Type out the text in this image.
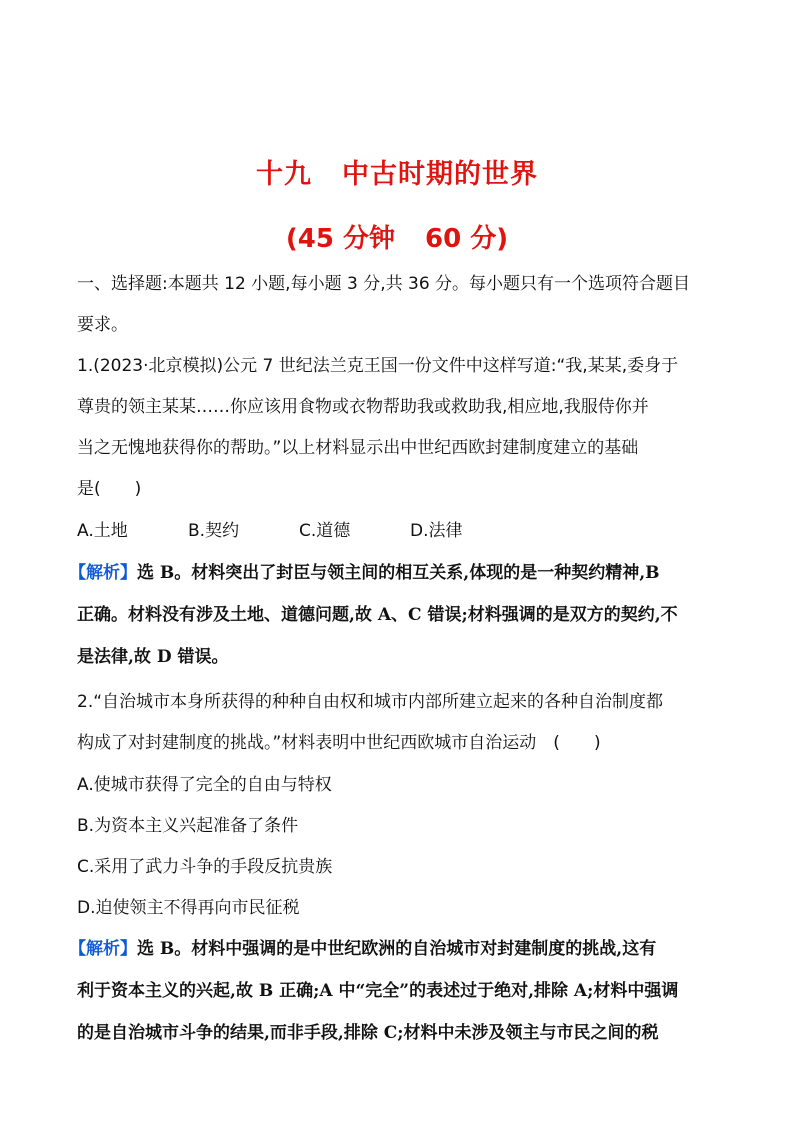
十九 中古时期的世界
(45 分钟 60 分)
一、选择题:本题共 12 小题,每小题 3 分,共 36 分。每小题只有一个选项符合题目
要求。
1.(2023·北京模拟)公元 7 世纪法兰克王国一份文件中这样写道:“我,某某,委身于
尊贵的领主某某……你应该用食物或衣物帮助我或救助我,相应地,我服侍你并
当之无愧地获得你的帮助。”以上材料显示出中世纪西欧封建制度建立的基础
是(　　)
A.土地	B.契约	C.道德	D.法律
【解析】选 B。材料突出了封臣与领主间的相互关系,体现的是一种契约精神,B
正确。材料没有涉及土地、道德问题,故 A、C 错误;材料强调的是双方的契约,不
是法律,故 D 错误。
2.“自治城市本身所获得的种种自由权和城市内部所建立起来的各种自治制度都
构成了对封建制度的挑战。”材料表明中世纪西欧城市自治运动　(　　)
A.使城市获得了完全的自由与特权
B.为资本主义兴起准备了条件
C.采用了武力斗争的手段反抗贵族
D.迫使领主不得再向市民征税
【解析】选 B。材料中强调的是中世纪欧洲的自治城市对封建制度的挑战,这有
利于资本主义的兴起,故 B 正确;A 中“完全”的表述过于绝对,排除 A;材料中强调
的是自治城市斗争的结果,而非手段,排除 C;材料中未涉及领主与市民之间的税
